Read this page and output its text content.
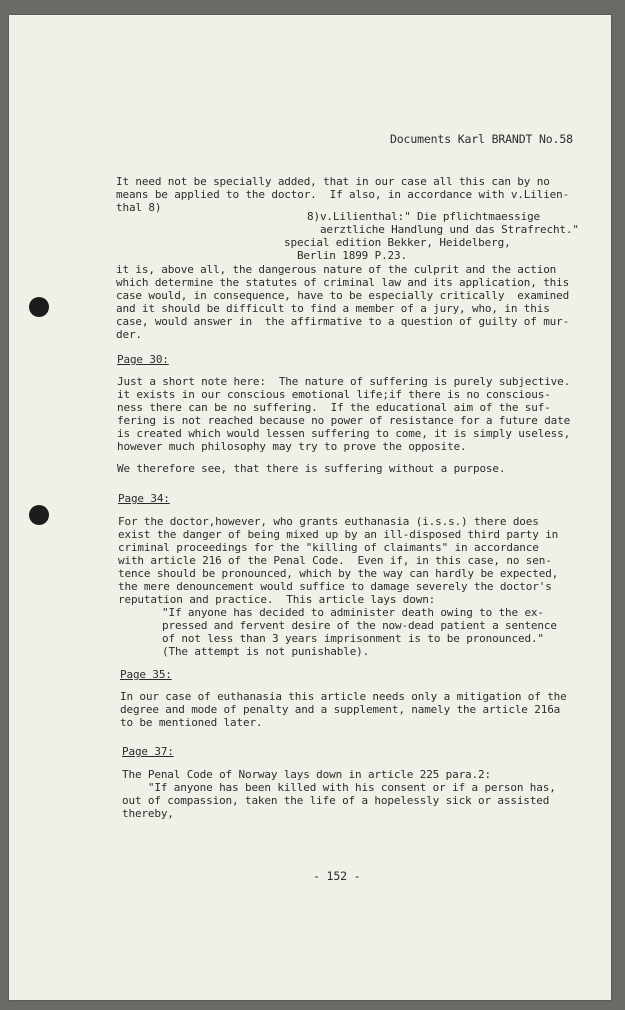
Documents Karl BRANDT No.58

It need not be specially added, that in our case all this can by no

means be applied to the doctor.  If also, in accordance with v.Lilien-

thal 8)

8)v.Lilienthal:" Die pflichtmaessige

aerztliche Handlung und das Strafrecht."

special edition Bekker, Heidelberg,

Berlin 1899 P.23.

it is, above all, the dangerous nature of the culprit and the action

which determine the statutes of criminal law and its application, this

case would, in consequence, have to be especially critically  examined

and it should be difficult to find a member of a jury, who, in this

case, would answer in  the affirmative to a question of guilty of mur-

der.

Page 30:

Just a short note here:  The nature of suffering is purely subjective.

it exists in our conscious emotional life;if there is no conscious-

ness there can be no suffering.  If the educational aim of the suf-

fering is not reached because no power of resistance for a future date

is created which would lessen suffering to come, it is simply useless,

however much philosophy may try to prove the opposite.

We therefore see, that there is suffering without a purpose.

Page 34:

For the doctor,however, who grants euthanasia (i.s.s.) there does

exist the danger of being mixed up by an ill-disposed third party in

criminal proceedings for the "killing of claimants" in accordance

with article 216 of the Penal Code.  Even if, in this case, no sen-

tence should be pronounced, which by the way can hardly be expected,

the mere denouncement would suffice to damage severely the doctor's

reputation and practice.  This article lays down:

"If anyone has decided to administer death owing to the ex-

pressed and fervent desire of the now-dead patient a sentence

of not less than 3 years imprisonment is to be pronounced."

(The attempt is not punishable).

Page 35:

In our case of euthanasia this article needs only a mitigation of the

degree and mode of penalty and a supplement, namely the article 216a

to be mentioned later.

Page 37:

The Penal Code of Norway lays down in article 225 para.2:

"If anyone has been killed with his consent or if a person has,

out of compassion, taken the life of a hopelessly sick or assisted

thereby,

- 152 -
